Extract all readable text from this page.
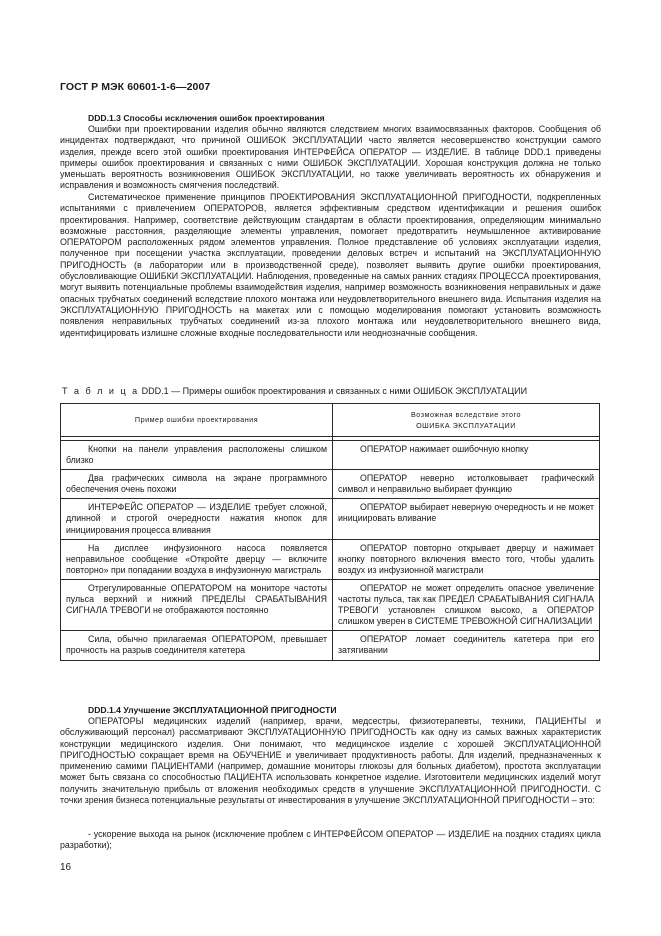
ГОСТ Р МЭК 60601-1-6—2007
DDD.1.3 Способы исключения ошибок проектирования
Ошибки при проектировании изделия обычно являются следствием многих взаимосвязанных факторов. Сообщения об инцидентах подтверждают, что причиной ОШИБОК ЭКСПЛУАТАЦИИ часто является несовершенство конструкции самого изделия, прежде всего этой ошибки проектирования ИНТЕРФЕЙСА ОПЕРАТОР — ИЗДЕЛИЕ. В таблице DDD.1 приведены примеры ошибок проектирования и связанных с ними ОШИБОК ЭКСПЛУАТАЦИИ. Хорошая конструкция должна не только уменьшать вероятность возникновения ОШИБОК ЭКСПЛУАТАЦИИ, но также увеличивать вероятность их обнаружения и исправления и возможность смягчения последствий.
Систематическое применение принципов ПРОЕКТИРОВАНИЯ ЭКСПЛУАТАЦИОННОЙ ПРИГОДНОСТИ, подкрепленных испытаниями с привлечением ОПЕРАТОРОВ, является эффективным средством идентификации и решения ошибок проектирования. Например, соответствие действующим стандартам в области проектирования, определяющим минимально возможные расстояния, разделяющие элементы управления, помогает предотвратить неумышленное активирование ОПЕРАТОРОМ расположенных рядом элементов управления. Полное представление об условиях эксплуатации изделия, полученное при посещении участка эксплуатации, проведении деловых встреч и испытаний на ЭКСПЛУАТАЦИОННУЮ ПРИГОДНОСТЬ (в лаборатории или в производственной среде), позволяет выявить другие ошибки проектирования, обусловливающие ОШИБКИ ЭКСПЛУАТАЦИИ. Наблюдения, проведенные на самых ранних стадиях ПРОЦЕССА проектирования, могут выявить потенциальные проблемы взаимодействия изделия, например возможность возникновения неправильных и даже опасных трубчатых соединений вследствие плохого монтажа или неудовлетворительного внешнего вида. Испытания изделия на ЭКСПЛУАТАЦИОННУЮ ПРИГОДНОСТЬ на макетах или с помощью моделирования помогают установить возможность появления неправильных трубчатых соединений из-за плохого монтажа или неудовлетворительного внешнего вида, идентифицировать излишне сложные входные последовательности или неоднозначные сообщения.
Т а б л и ц а DDD.1 — Примеры ошибок проектирования и связанных с ними ОШИБОК ЭКСПЛУАТАЦИИ
Пример ошибки проектирования	Возможная вследствие этого
ОШИБКА ЭКСПЛУАТАЦИИ

Кнопки на панели управления расположены слишком близко	ОПЕРАТОР нажимает ошибочную кнопку
Два графических символа на экране программного обеспечения очень похожи	ОПЕРАТОР неверно истолковывает графический символ и неправильно выбирает функцию
ИНТЕРФЕЙС ОПЕРАТОР — ИЗДЕЛИЕ требует сложной, длинной и строгой очередности нажатия кнопок для инициирования процесса вливания	ОПЕРАТОР выбирает неверную очередность и не может инициировать вливание
На дисплее инфузионного насоса появляется неправильное сообщение «Откройте дверцу — включите повторно» при попадании воздуха в инфузионную магистраль	ОПЕРАТОР повторно открывает дверцу и нажимает кнопку повторного включения вместо того, чтобы удалить воздух из инфузионной магистрали
Отрегулированные ОПЕРАТОРОМ на мониторе частоты пульса верхний и нижний ПРЕДЕЛЫ СРАБАТЫВАНИЯ СИГНАЛА ТРЕВОГИ не отображаются постоянно	ОПЕРАТОР не может определить опасное увеличение частоты пульса, так как ПРЕДЕЛ СРАБАТЫВАНИЯ СИГНАЛА ТРЕВОГИ установлен слишком высоко, а ОПЕРАТОР слишком уверен в СИСТЕМЕ ТРЕВОЖНОЙ СИГНАЛИЗАЦИИ
Сила, обычно прилагаемая ОПЕРАТОРОМ, превышает прочность на разрыв соединителя катетера	ОПЕРАТОР ломает соединитель катетера при его затягивании
DDD.1.4 Улучшение ЭКСПЛУАТАЦИОННОЙ ПРИГОДНОСТИ
ОПЕРАТОРЫ медицинских изделий (например, врачи, медсестры, физиотерапевты, техники, ПАЦИЕНТЫ и обслуживающий персонал) рассматривают ЭКСПЛУАТАЦИОННУЮ ПРИГОДНОСТЬ как одну из самых важных характеристик конструкции медицинского изделия. Они понимают, что медицинское изделие с хорошей ЭКСПЛУАТАЦИОННОЙ ПРИГОДНОСТЬЮ сокращает время на ОБУЧЕНИЕ и увеличивает продуктивность работы. Для изделий, предназначенных к применению самими ПАЦИЕНТАМИ (например, домашние мониторы глюкозы для больных диабетом), простота эксплуатации может быть связана со способностью ПАЦИЕНТА использовать конкретное изделие. Изготовители медицинских изделий могут получить значительную прибыль от вложения необходимых средств в улучшение ЭКСПЛУАТАЦИОННОЙ ПРИГОДНОСТИ. С точки зрения бизнеса потенциальные результаты от инвестирования в улучшение ЭКСПЛУАТАЦИОННОЙ ПРИГОДНОСТИ – это:
- ускорение выхода на рынок (исключение проблем с ИНТЕРФЕЙСОМ ОПЕРАТОР — ИЗДЕЛИЕ на поздних стадиях цикла разработки);
16
